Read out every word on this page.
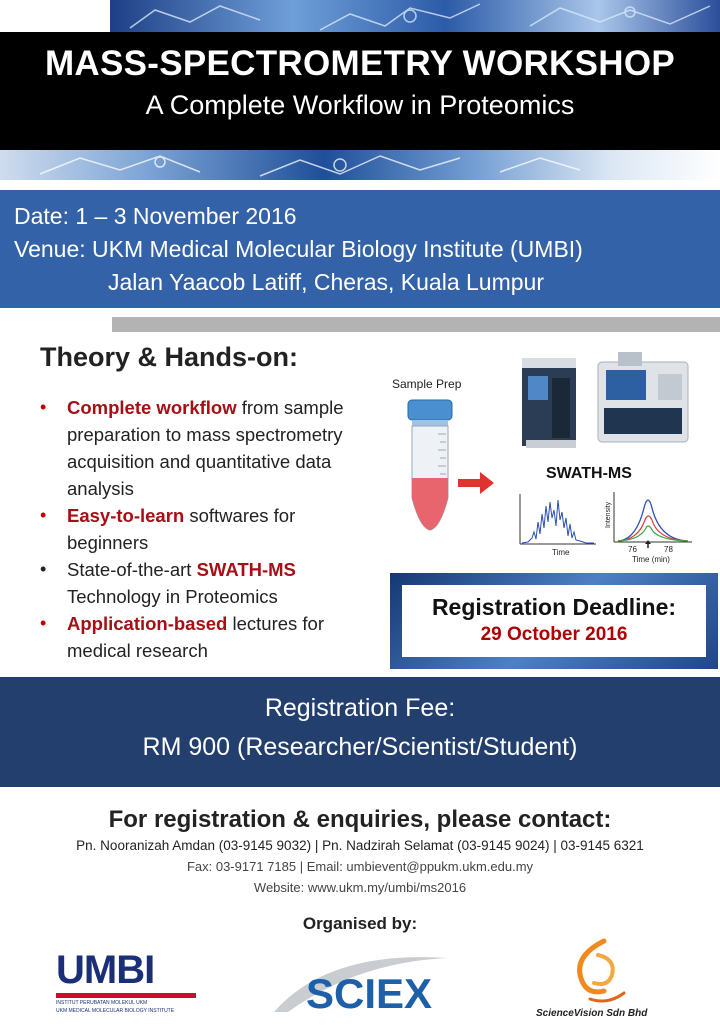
MASS-SPECTROMETRY WORKSHOP
A Complete Workflow in Proteomics
Date: 1 – 3 November 2016
Venue: UKM Medical Molecular Biology Institute (UMBI)
Jalan Yaacob Latiff, Cheras, Kuala Lumpur
Theory & Hands-on:
• Complete workflow from sample preparation to mass spectrometry acquisition and quantitative data analysis
• Easy-to-learn softwares for beginners
• State-of-the-art SWATH-MS Technology in Proteomics
• Application-based lectures for medical research
Sample Prep
SWATH-MS
Time
Intensity
76	78
Time (min)
Registration Deadline:
29 October 2016
Registration Fee:
RM 900 (Researcher/Scientist/Student)
For registration & enquiries, please contact:
Pn. Nooranizah Amdan (03-9145 9032) | Pn. Nadzirah Selamat (03-9145 9024) | 03-9145 6321
Fax: 03-9171 7185 | Email: umbievent@ppukm.ukm.edu.my
Website: www.ukm.my/umbi/ms2016
Organised by:
UMBI
INSTITUT PERUBATAN MOLEKUL UKM
UKM MEDICAL MOLECULAR BIOLOGY INSTITUTE	SCIEX	ScienceVision Sdn Bhd
